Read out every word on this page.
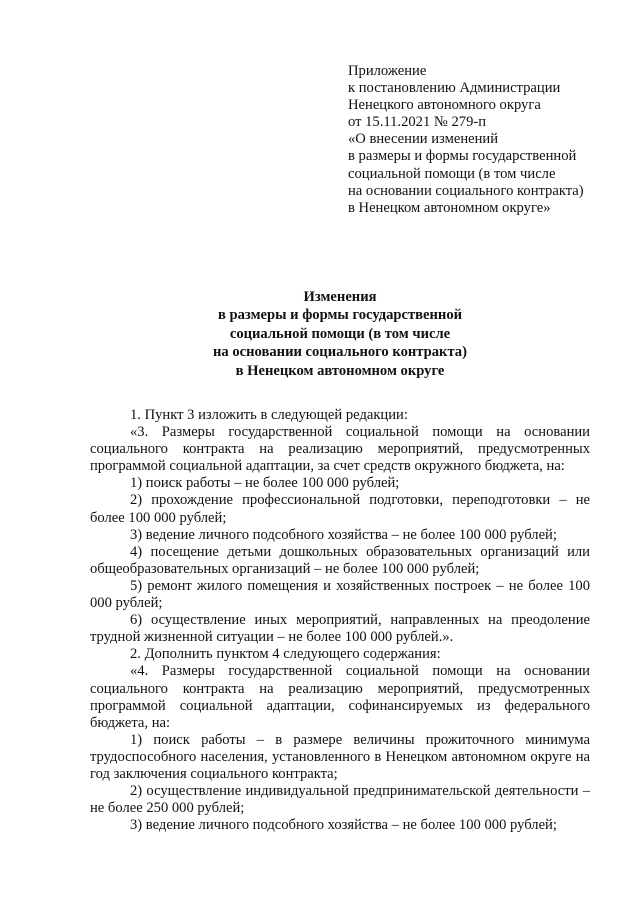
Приложение
к постановлению Администрации
Ненецкого автономного округа
от 15.11.2021 № 279-п
«О внесении изменений
в размеры и формы государственной
социальной помощи (в том числе
на основании социального контракта)
в Ненецком автономном округе»
Изменения
в размеры и формы государственной
социальной помощи (в том числе
на основании социального контракта)
в Ненецком автономном округе

1. Пункт 3 изложить в следующей редакции:

«3. Размеры государственной социальной помощи на основании социального контракта на реализацию мероприятий, предусмотренных программой социальной адаптации, за счет средств окружного бюджета, на:

1) поиск работы – не более 100 000 рублей;

2) прохождение профессиональной подготовки, переподготовки – не более 100 000 рублей;

3) ведение личного подсобного хозяйства – не более 100 000 рублей;

4) посещение детьми дошкольных образовательных организаций или общеобразовательных организаций – не более 100 000 рублей;

5) ремонт жилого помещения и хозяйственных построек – не более 100 000 рублей;

6) осуществление иных мероприятий, направленных на преодоление трудной жизненной ситуации – не более 100 000 рублей.».

2. Дополнить пунктом 4 следующего содержания:

«4. Размеры государственной социальной помощи на основании социального контракта на реализацию мероприятий, предусмотренных программой социальной адаптации, софинансируемых из федерального бюджета, на:

1) поиск работы – в размере величины прожиточного минимума трудоспособного населения, установленного в Ненецком автономном округе на год заключения социального контракта;

2) осуществление индивидуальной предпринимательской деятельности – не более 250 000 рублей;

3) ведение личного подсобного хозяйства – не более 100 000 рублей;
